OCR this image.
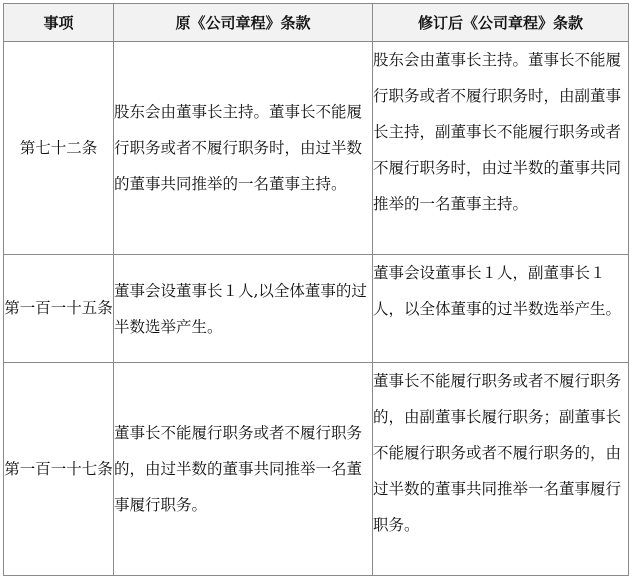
事项	原《公司章程》条款	修订后《公司章程》条款
第七十二条	股东会由董事长主持。董事长不能履行职务或者不履行职务时，由过半数的董事共同推举的一名董事主持。	股东会由董事长主持。董事长不能履行职务或者不履行职务时，由副董事长主持，副董事长不能履行职务或者不履行职务时，由过半数的董事共同推举的一名董事主持。
第一百一十五条	董事会设董事长１人,以全体董事的过半数选举产生。	董事会设董事长１人，副董事长１人，以全体董事的过半数选举产生。
第一百一十七条	董事长不能履行职务或者不履行职务的，由过半数的董事共同推举一名董事履行职务。	董事长不能履行职务或者不履行职务的，由副董事长履行职务；副董事长不能履行职务或者不履行职务的，由过半数的董事共同推举一名董事履行职务。
